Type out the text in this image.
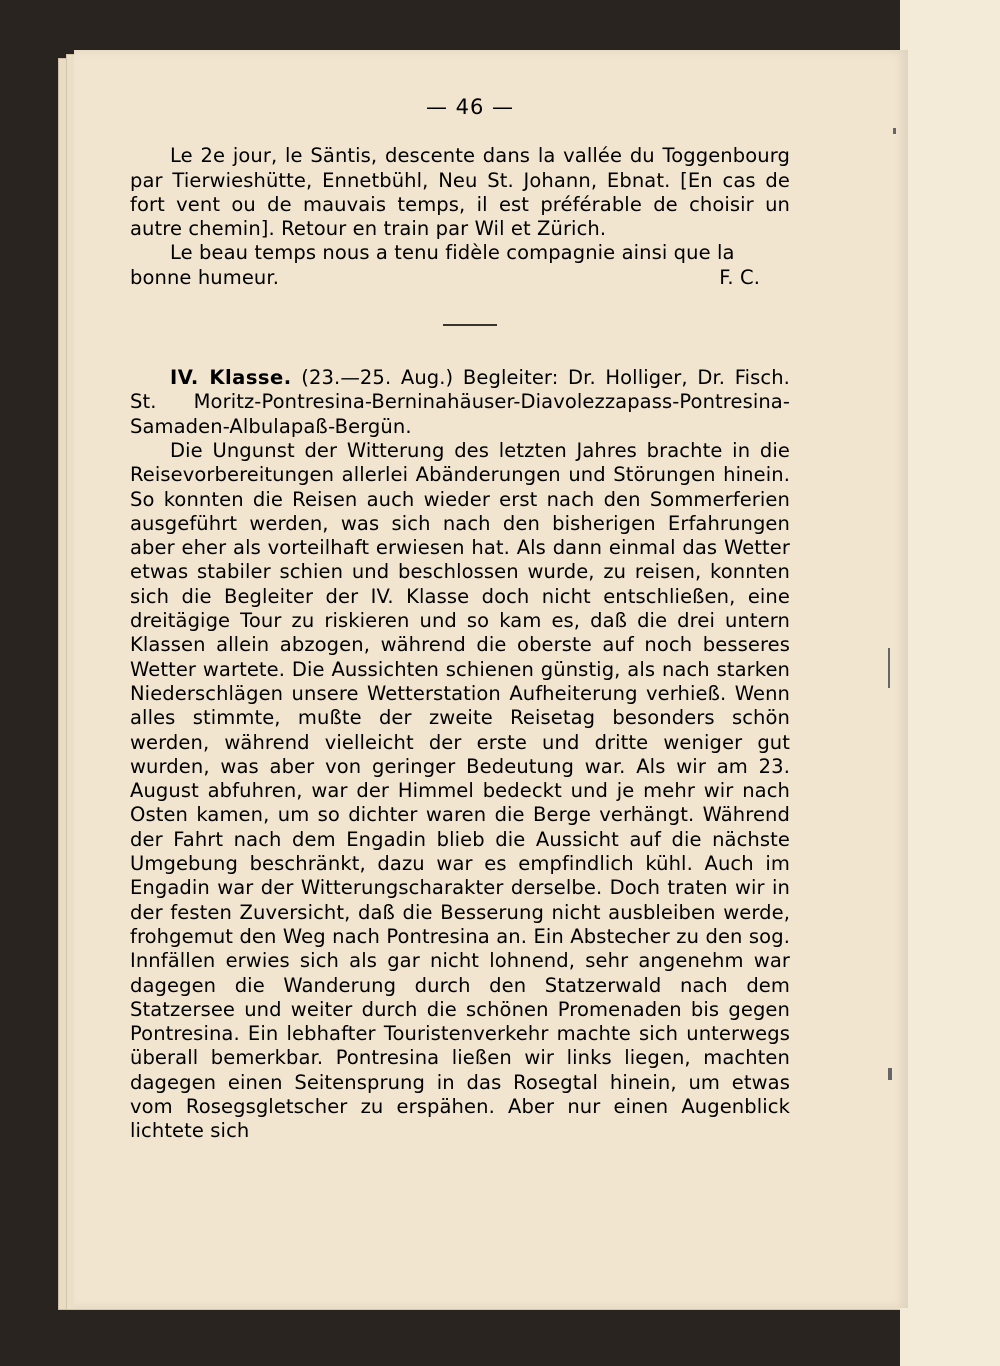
— 46 —

Le 2e jour, le Säntis, descente dans la vallée du Toggenbourg par Tierwieshütte, Ennetbühl, Neu St. Johann, Ebnat. [En cas de fort vent ou de mauvais temps, il est préférable de choisir un autre chemin]. Retour en train par Wil et Zürich.

Le beau temps nous a tenu fidèle compagnie ainsi que la

bonne humeur.	F. C.

IV. Klasse. (23.—25. Aug.) Begleiter: Dr. Holliger, Dr. Fisch. St. Moritz-Pontresina-Berninahäuser-Diavolezzapass-Pontresina-Samaden-Albulapaß-Bergün.

Die Ungunst der Witterung des letzten Jahres brachte in die Reisevorbereitungen allerlei Abänderungen und Störungen hinein. So konnten die Reisen auch wieder erst nach den Sommerferien ausgeführt werden, was sich nach den bisherigen Erfahrungen aber eher als vorteilhaft erwiesen hat. Als dann einmal das Wetter etwas stabiler schien und beschlossen wurde, zu reisen, konnten sich die Begleiter der IV. Klasse doch nicht entschließen, eine dreitägige Tour zu riskieren und so kam es, daß die drei untern Klassen allein abzogen, während die oberste auf noch besseres Wetter wartete. Die Aussichten schienen günstig, als nach starken Niederschlägen unsere Wetterstation Aufheiterung verhieß. Wenn alles stimmte, mußte der zweite Reisetag besonders schön werden, während vielleicht der erste und dritte weniger gut wurden, was aber von geringer Bedeutung war. Als wir am 23. August abfuhren, war der Himmel bedeckt und je mehr wir nach Osten kamen, um so dichter waren die Berge verhängt. Während der Fahrt nach dem Engadin blieb die Aussicht auf die nächste Umgebung beschränkt, dazu war es empfindlich kühl. Auch im Engadin war der Witterungscharakter derselbe. Doch traten wir in der festen Zuversicht, daß die Besserung nicht ausbleiben werde, frohgemut den Weg nach Pontresina an. Ein Abstecher zu den sog. Innfällen erwies sich als gar nicht lohnend, sehr angenehm war dagegen die Wanderung durch den Statzerwald nach dem Statzersee und weiter durch die schönen Promenaden bis gegen Pontresina. Ein lebhafter Touristenverkehr machte sich unterwegs überall bemerkbar. Pontresina ließen wir links liegen, machten dagegen einen Seitensprung in das Rosegtal hinein, um etwas vom Rosegsgletscher zu erspähen. Aber nur einen Augenblick lichtete sich
